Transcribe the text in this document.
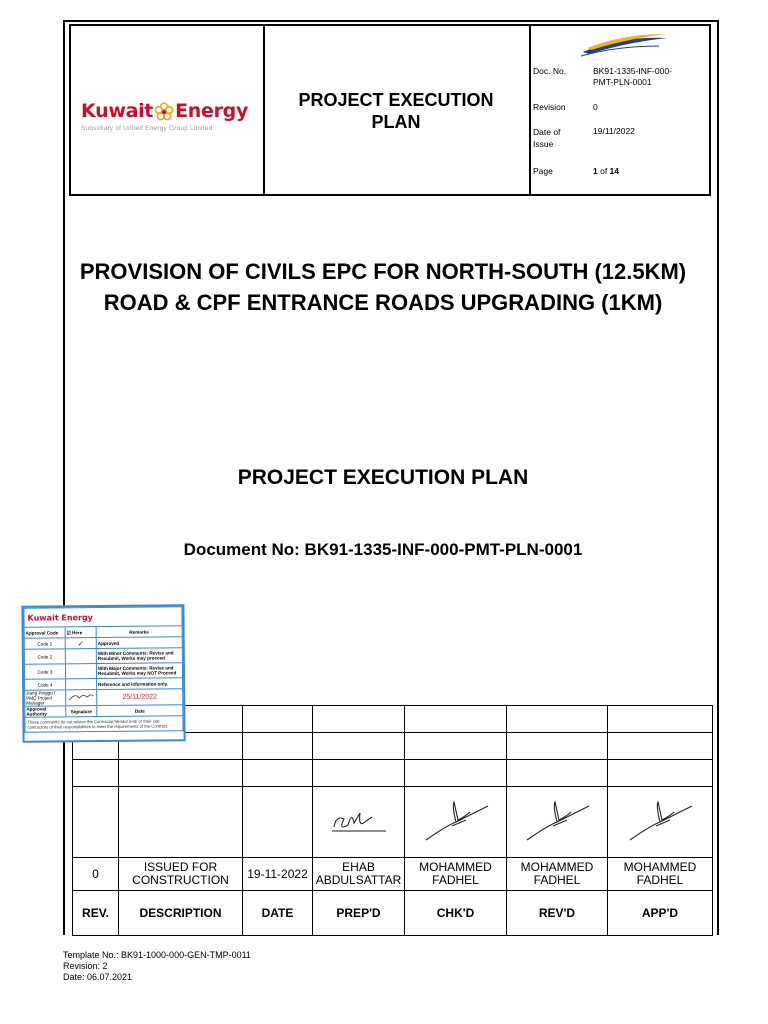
Kuwait Energy
Subsidiary of United Energy Group Limited
PROJECT EXECUTION PLAN
Doc. No.	BK91-1335-INF-000-
PMT-PLN-0001
Revision	0
Date of
Issue
19/11/2022
Page	1 of 14
PROVISION OF CIVILS EPC FOR NORTH-SOUTH (12.5KM) ROAD & CPF ENTRANCE ROADS UPGRADING (1KM)
PROJECT EXECUTION PLAN
Document No: BK91-1335-INF-000-PMT-PLN-0001

0	ISSUED FOR
CONSTRUCTION	19-11-2022	EHAB
ABDULSATTAR	MOHAMMED
FADHEL	MOHAMMED
FADHEL	MOHAMMED
FADHEL
REV.	DESCRIPTION	DATE	PREP'D	CHK'D	REV'D	APP'D
Kuwait Energy		
Approval Code	☑ Here	Remarks
Code 1	✓	Approved
Code 2		With Minor Comments: Revise and Resubmit, Works may proceed
Code 3		With Major Comments: Revise and Resubmit, Works may NOT Proceed
Code 4		Reference and information only.
Jiang Pinggu / PMC Project Manager		25/11/2022
Approval Authority	Signature	Date
These comments do not relieve the Contractor/Vendor and/ or their sub-contractors of their responsibilities to meet the requirements of the Contract.		
Template No.: BK91-1000-000-GEN-TMP-0011
Revision: 2
Date: 06.07.2021
